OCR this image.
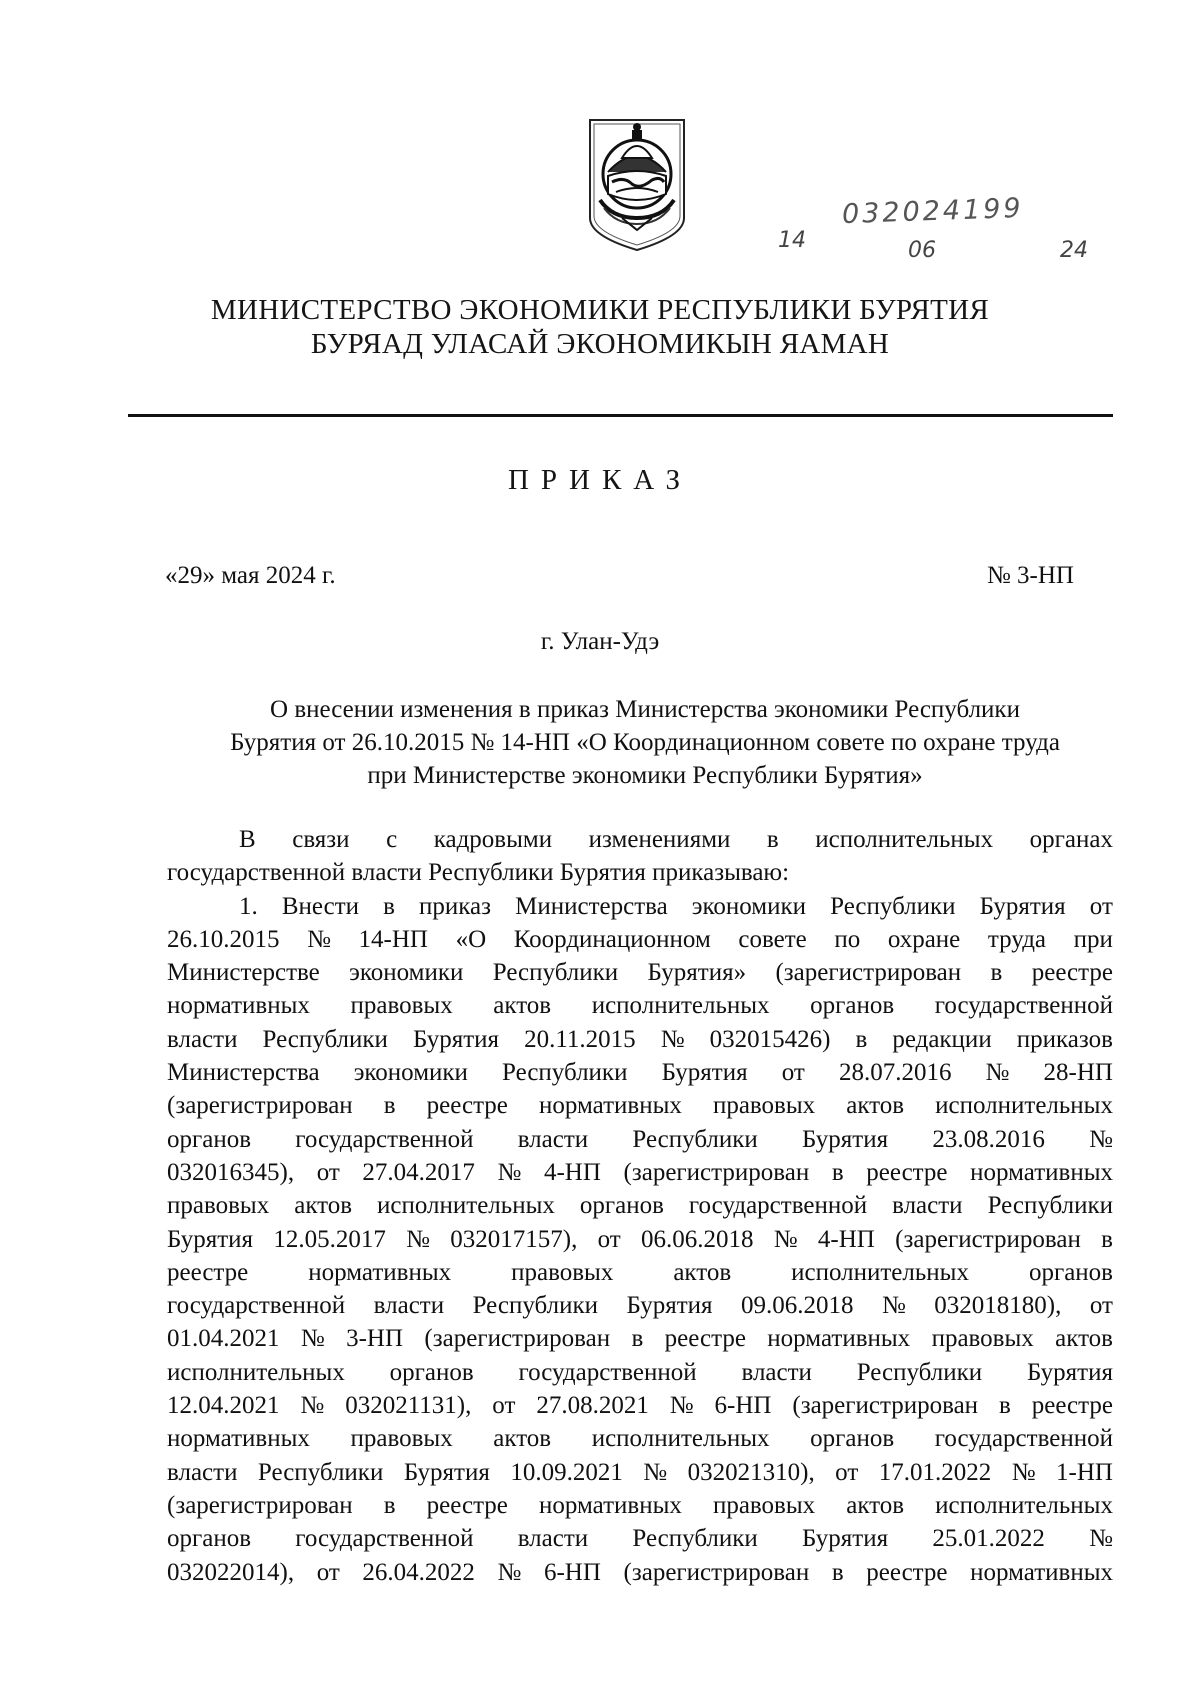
032024199
14	06	24
МИНИСТЕРСТВО ЭКОНОМИКИ РЕСПУБЛИКИ БУРЯТИЯ
БУРЯАД УЛАСАЙ ЭКОНОМИКЫН ЯАМАН
ПРИКАЗ
«29» мая 2024 г.	№ 3-НП
г. Улан-Удэ
О внесении изменения в приказ Министерства экономики Республики
Бурятия от 26.10.2015 № 14-НП «О Координационном совете по охране труда
при Министерстве экономики Республики Бурятия»
В связи с кадровыми изменениями в исполнительных органах
государственной власти Республики Бурятия приказываю:
1. Внести в приказ Министерства экономики Республики Бурятия от
26.10.2015 № 14-НП «О Координационном совете по охране труда при
Министерстве экономики Республики Бурятия» (зарегистрирован в реестре
нормативных правовых актов исполнительных органов государственной
власти Республики Бурятия 20.11.2015 № 032015426) в редакции приказов
Министерства экономики Республики Бурятия от 28.07.2016 № 28-НП
(зарегистрирован в реестре нормативных правовых актов исполнительных
органов государственной власти Республики Бурятия 23.08.2016 №
032016345), от 27.04.2017 № 4-НП (зарегистрирован в реестре нормативных
правовых актов исполнительных органов государственной власти Республики
Бурятия 12.05.2017 № 032017157), от 06.06.2018 № 4-НП (зарегистрирован в
реестре нормативных правовых актов исполнительных органов
государственной власти Республики Бурятия 09.06.2018 № 032018180), от
01.04.2021 № 3-НП (зарегистрирован в реестре нормативных правовых актов
исполнительных органов государственной власти Республики Бурятия
12.04.2021 № 032021131), от 27.08.2021 № 6-НП (зарегистрирован в реестре
нормативных правовых актов исполнительных органов государственной
власти Республики Бурятия 10.09.2021 № 032021310), от 17.01.2022 № 1-НП
(зарегистрирован в реестре нормативных правовых актов исполнительных
органов государственной власти Республики Бурятия 25.01.2022 №
032022014), от 26.04.2022 № 6-НП (зарегистрирован в реестре нормативных
